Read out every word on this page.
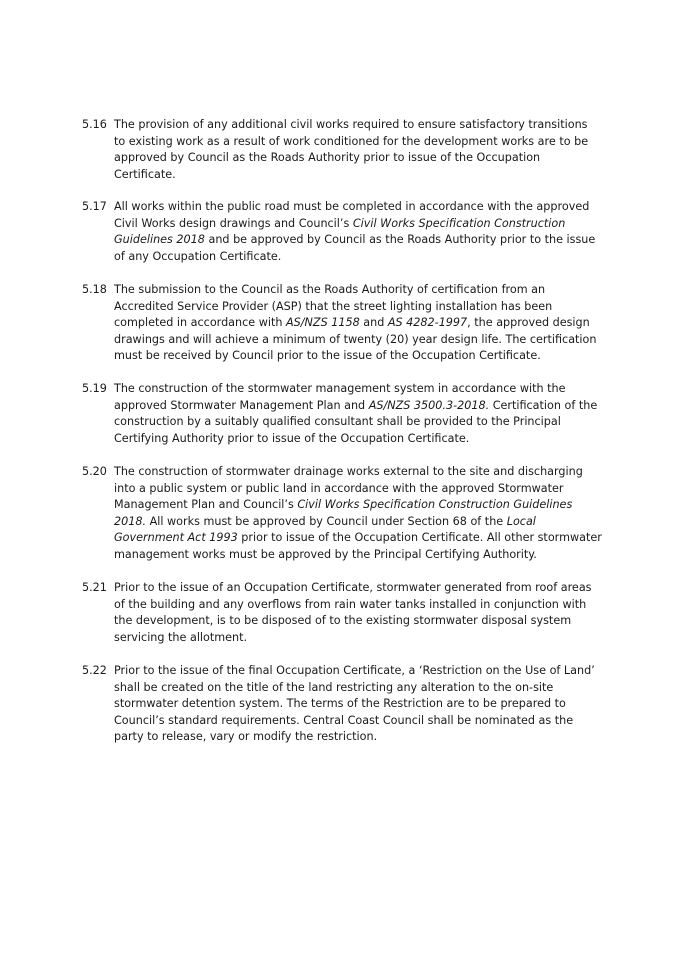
5.16 The provision of any additional civil works required to ensure satisfactory transitions to existing work as a result of work conditioned for the development works are to be approved by Council as the Roads Authority prior to issue of the Occupation Certificate.
5.17 All works within the public road must be completed in accordance with the approved Civil Works design drawings and Council’s Civil Works Specification Construction Guidelines 2018 and be approved by Council as the Roads Authority prior to the issue of any Occupation Certificate.
5.18 The submission to the Council as the Roads Authority of certification from an Accredited Service Provider (ASP) that the street lighting installation has been completed in accordance with AS/NZS 1158 and AS 4282-1997, the approved design drawings and will achieve a minimum of twenty (20) year design life. The certification must be received by Council prior to the issue of the Occupation Certificate.
5.19 The construction of the stormwater management system in accordance with the approved Stormwater Management Plan and AS/NZS 3500.3-2018. Certification of the construction by a suitably qualified consultant shall be provided to the Principal Certifying Authority prior to issue of the Occupation Certificate.
5.20 The construction of stormwater drainage works external to the site and discharging into a public system or public land in accordance with the approved Stormwater Management Plan and Council’s Civil Works Specification Construction Guidelines 2018. All works must be approved by Council under Section 68 of the Local Government Act 1993 prior to issue of the Occupation Certificate. All other stormwater management works must be approved by the Principal Certifying Authority.
5.21 Prior to the issue of an Occupation Certificate, stormwater generated from roof areas of the building and any overflows from rain water tanks installed in conjunction with the development, is to be disposed of to the existing stormwater disposal system servicing the allotment.
5.22 Prior to the issue of the final Occupation Certificate, a ‘Restriction on the Use of Land’ shall be created on the title of the land restricting any alteration to the on-site stormwater detention system. The terms of the Restriction are to be prepared to Council’s standard requirements. Central Coast Council shall be nominated as the party to release, vary or modify the restriction.
